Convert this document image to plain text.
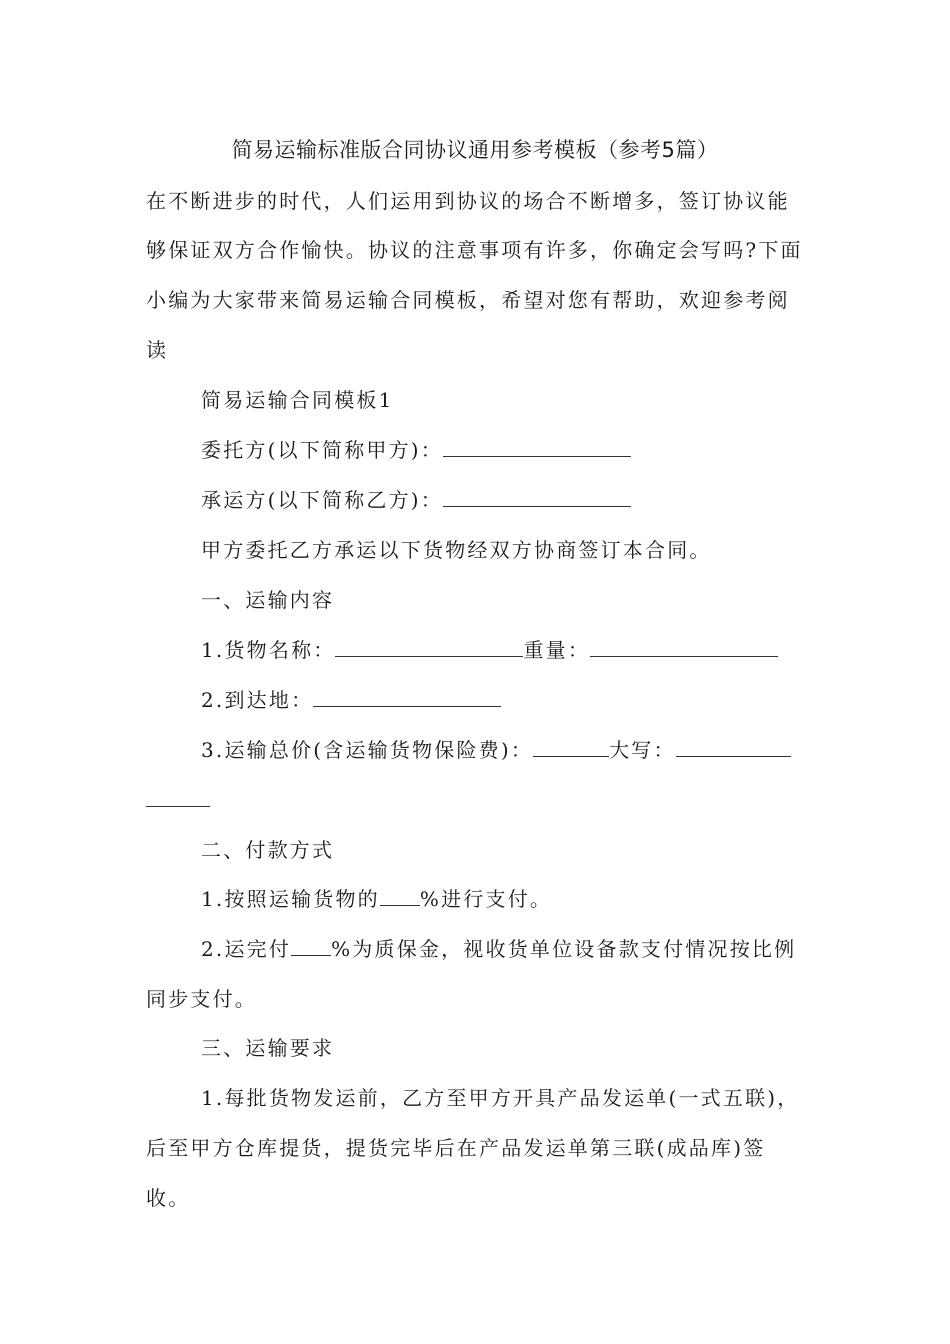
简易运输标准版合同协议通用参考模板（参考5篇）
在不断进步的时代，人们运用到协议的场合不断增多，签订协议能
够保证双方合作愉快。协议的注意事项有许多，你确定会写吗?下面
小编为大家带来简易运输合同模板，希望对您有帮助，欢迎参考阅
读
简易运输合同模板1
委托方(以下简称甲方)：
承运方(以下简称乙方)：
甲方委托乙方承运以下货物经双方协商签订本合同。
一、运输内容
1.货物名称：	重量：
2.到达地：
3.运输总价(含运输货物保险费)：	大写：
二、付款方式
1.按照运输货物的 %进行支付。
2.运完付 %为质保金，视收货单位设备款支付情况按比例
同步支付。
三、运输要求
1.每批货物发运前，乙方至甲方开具产品发运单(一式五联)，
后至甲方仓库提货，提货完毕后在产品发运单第三联(成品库)签
收。
